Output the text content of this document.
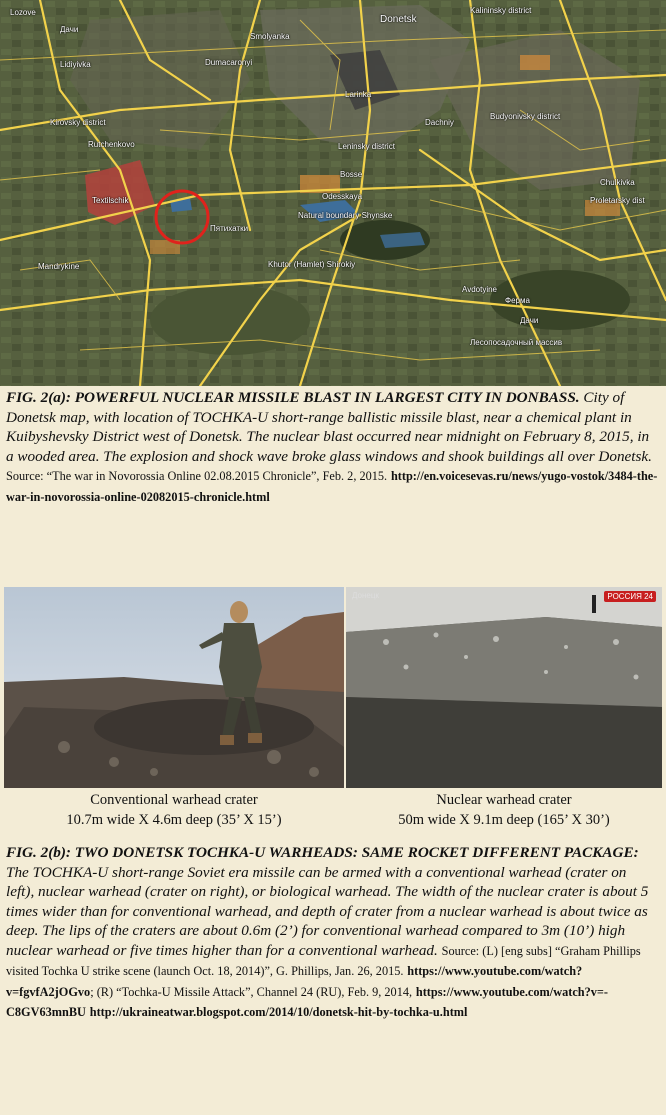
Lozove
Дачи
Donetsk
Kalininsky district
Smolyanka
Lidiyivka	Dumacaronyi
Larinka
Kirovsky district
Rutchenkovo
Dachniy
Budyonivsky district
Leninsky district
Bosse
Chulkivka
Textilschik	Odesskaya	Proletarsky dist
Natural boundary Shynske
Пятихатки
Mandrykine	Khutor (Hamlet) Shirokiy
Avdotyine
Ферма
Дачи
Лесопосадочный массив
FIG. 2(a): POWERFUL NUCLEAR MISSILE BLAST IN LARGEST CITY IN DONBASS. City of Donetsk map, with location of TOCHKA-U short-range ballistic missile blast, near a chemical plant in Kuibyshevsky District west of Donetsk. The nuclear blast occurred near midnight on February 8, 2015, in a wooded area. The explosion and shock wave broke glass windows and shook buildings all over Donetsk. Source: “The war in Novorossia Online 02.08.2015 Chronicle”, Feb. 2, 2015. http://en.voicesevas.ru/news/yugo-vostok/3484-the-war-in-novorossia-online-02082015-chronicle.html
Донецк	РОССИЯ 24
Conventional warhead crater
10.7m wide X 4.6m deep (35’ X 15’)
Nuclear warhead crater
50m wide X 9.1m deep (165’ X 30’)
FIG. 2(b): TWO DONETSK TOCHKA-U WARHEADS: SAME ROCKET DIFFERENT PACKAGE: The TOCHKA-U short-range Soviet era missile can be armed with a conventional warhead (crater on left), nuclear warhead (crater on right), or biological warhead. The width of the nuclear crater is about 5 times wider than for conventional warhead, and depth of crater from a nuclear warhead is about twice as deep. The lips of the craters are about 0.6m (2’) for conventional warhead compared to 3m (10’) high nuclear warhead or five times higher than for a conventional warhead. Source: (L) [eng subs] “Graham Phillips visited Tochka U strike scene (launch Oct. 18, 2014)”, G. Phillips, Jan. 26, 2015. https://www.youtube.com/watch?v=fgvfA2jOGvo; (R) “Tochka-U Missile Attack”, Channel 24 (RU), Feb. 9, 2014, https://www.youtube.com/watch?v=-C8GV63mnBU http://ukraineatwar.blogspot.com/2014/10/donetsk-hit-by-tochka-u.html
